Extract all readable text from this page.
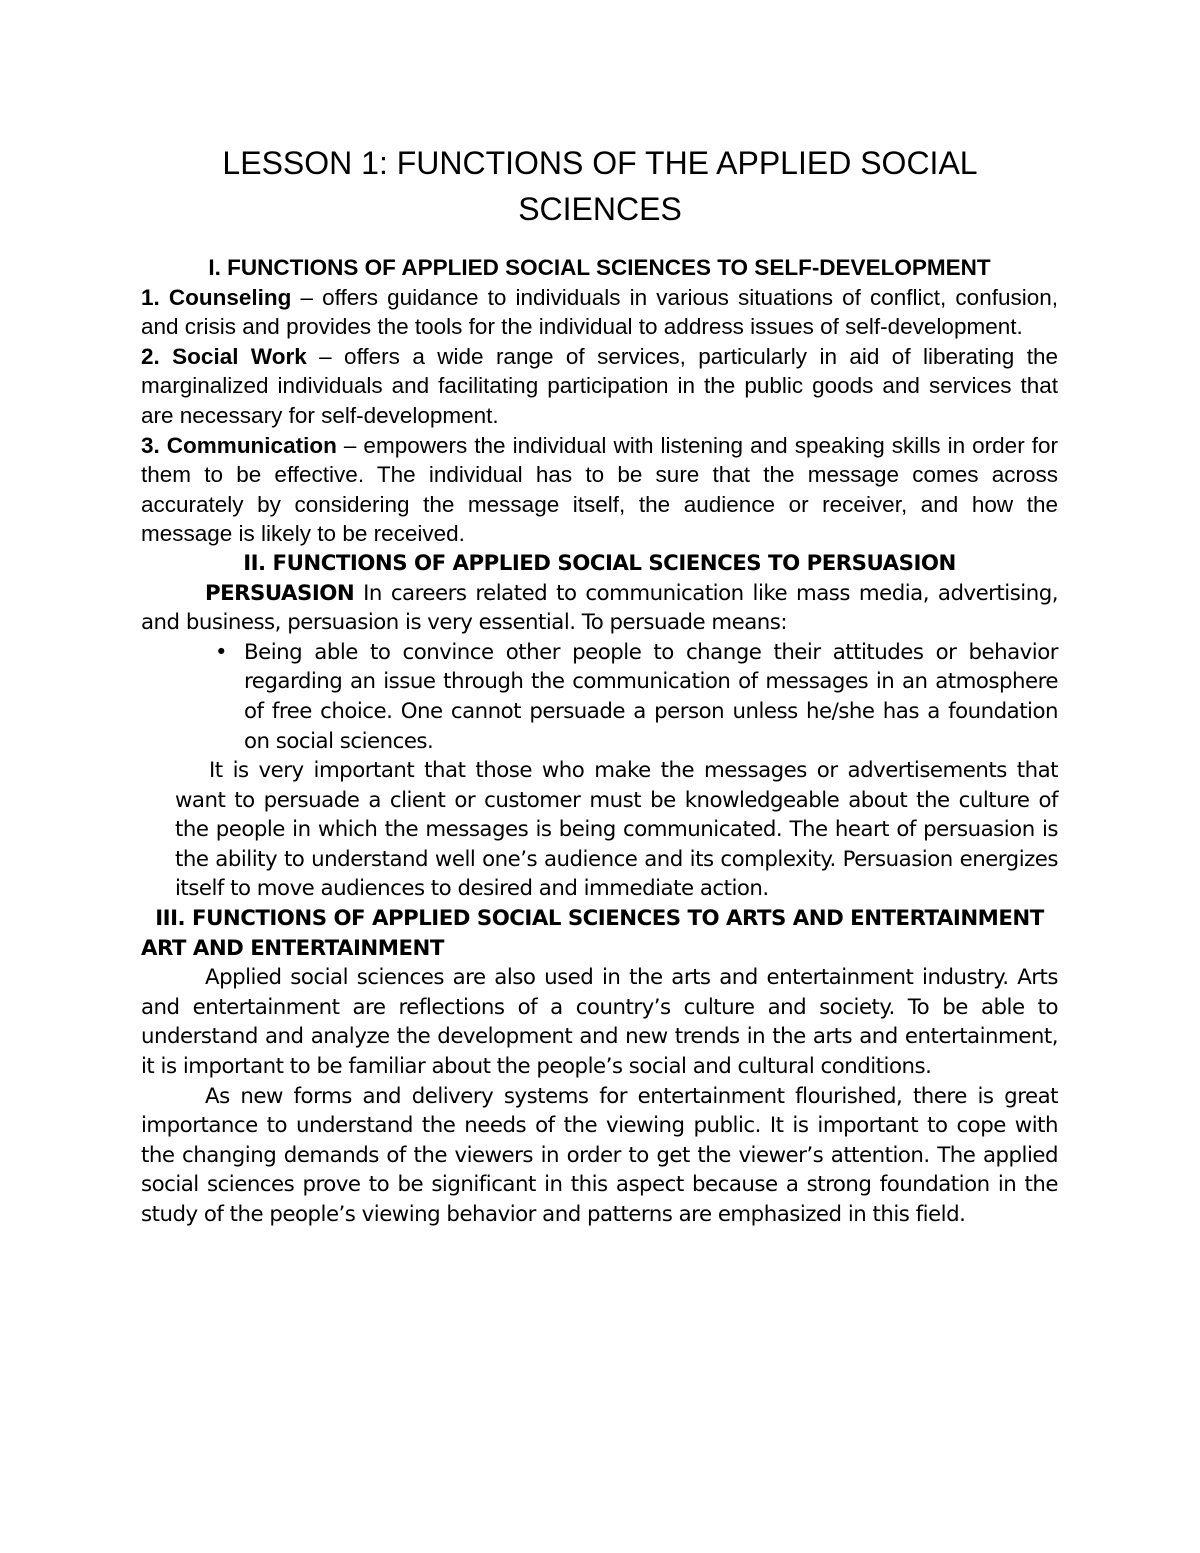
LESSON 1: FUNCTIONS OF THE APPLIED SOCIAL SCIENCES

I. FUNCTIONS OF APPLIED SOCIAL SCIENCES TO SELF-DEVELOPMENT

1. Counseling – offers guidance to individuals in various situations of conflict, confusion, and crisis and provides the tools for the individual to address issues of self-development.

2. Social Work – offers a wide range of services, particularly in aid of liberating the marginalized individuals and facilitating participation in the public goods and services that are necessary for self-development.

3. Communication – empowers the individual with listening and speaking skills in order for them to be effective. The individual has to be sure that the message comes across accurately by considering the message itself, the audience or receiver, and how the message is likely to be received.

II. FUNCTIONS OF APPLIED SOCIAL SCIENCES TO PERSUASION

PERSUASION In careers related to communication like mass media, advertising, and business, persuasion is very essential. To persuade means:

• Being able to convince other people to change their attitudes or behavior regarding an issue through the communication of messages in an atmosphere of free choice. One cannot persuade a person unless he/she has a foundation on social sciences.

It is very important that those who make the messages or advertisements that want to persuade a client or customer must be knowledgeable about the culture of the people in which the messages is being communicated. The heart of persuasion is the ability to understand well one’s audience and its complexity. Persuasion energizes itself to move audiences to desired and immediate action.

III. FUNCTIONS OF APPLIED SOCIAL SCIENCES TO ARTS AND ENTERTAINMENT

ART AND ENTERTAINMENT

Applied social sciences are also used in the arts and entertainment industry. Arts and entertainment are reflections of a country’s culture and society. To be able to understand and analyze the development and new trends in the arts and entertainment, it is important to be familiar about the people’s social and cultural conditions.

As new forms and delivery systems for entertainment flourished, there is great importance to understand the needs of the viewing public. It is important to cope with the changing demands of the viewers in order to get the viewer’s attention. The applied social sciences prove to be significant in this aspect because a strong foundation in the study of the people’s viewing behavior and patterns are emphasized in this field.
